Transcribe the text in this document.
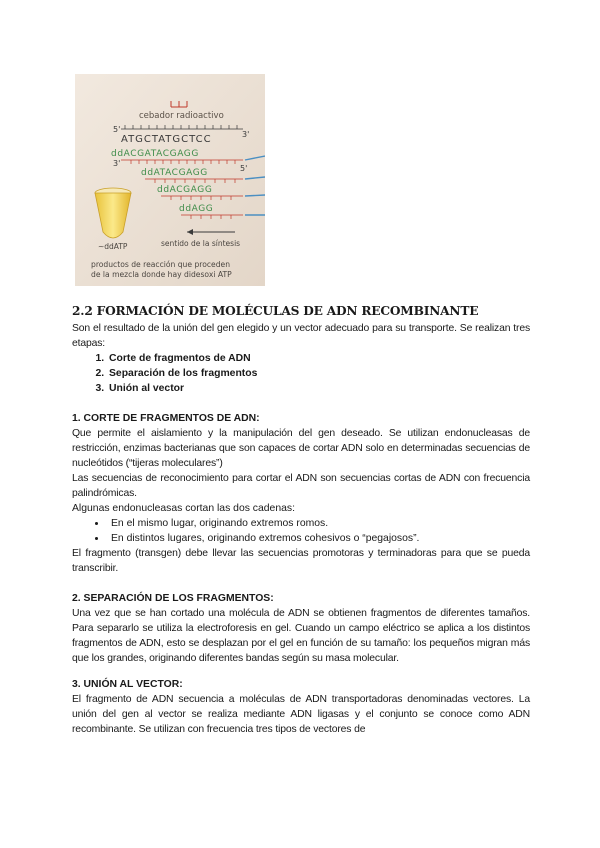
cebador radioactivo
5'
3'
ATGCTATGCTCC
3'
ddACGATACGAGG
5'
ddATACGAGG
ddACGAGG
ddAGG
~ddATP	sentido de la síntesis
productos de reacción que proceden
de la mezcla donde hay didesoxi ATP
2.2 FORMACIÓN DE MOLÉCULAS DE ADN RECOMBINANTE

Son el resultado de la unión del gen elegido y un vector adecuado para su transporte. Se realizan tres etapas:

1. Corte de fragmentos de ADN
2. Separación de los fragmentos
3. Unión al vector
1. CORTE DE FRAGMENTOS DE ADN:

Que permite el aislamiento y la manipulación del gen deseado. Se utilizan endonucleasas de restricción, enzimas bacterianas que son capaces de cortar ADN solo en determinadas secuencias de nucleótidos (“tijeras moleculares”)

Las secuencias de reconocimiento para cortar el ADN son secuencias cortas de ADN con frecuencia palindrómicas.

Algunas endonucleasas cortan las dos cadenas:

• En el mismo lugar, originando extremos romos.
• En distintos lugares, originando extremos cohesivos o “pegajosos”.

El fragmento (transgen) debe llevar las secuencias promotoras y terminadoras para que se pueda transcribir.

2. SEPARACIÓN DE LOS FRAGMENTOS:

Una vez que se han cortado una molécula de ADN se obtienen fragmentos de diferentes tamaños. Para separarlo se utiliza la electroforesis en gel. Cuando un campo eléctrico se aplica a los distintos fragmentos de ADN, esto se desplazan por el gel en función de su tamaño: los pequeños migran más que los grandes, originando diferentes bandas según su masa molecular.

3. UNIÓN AL VECTOR:

El fragmento de ADN secuencia a moléculas de ADN transportadoras denominadas vectores. La unión del gen al vector se realiza mediante ADN ligasas y el conjunto se conoce como ADN recombinante. Se utilizan con frecuencia tres tipos de vectores de
